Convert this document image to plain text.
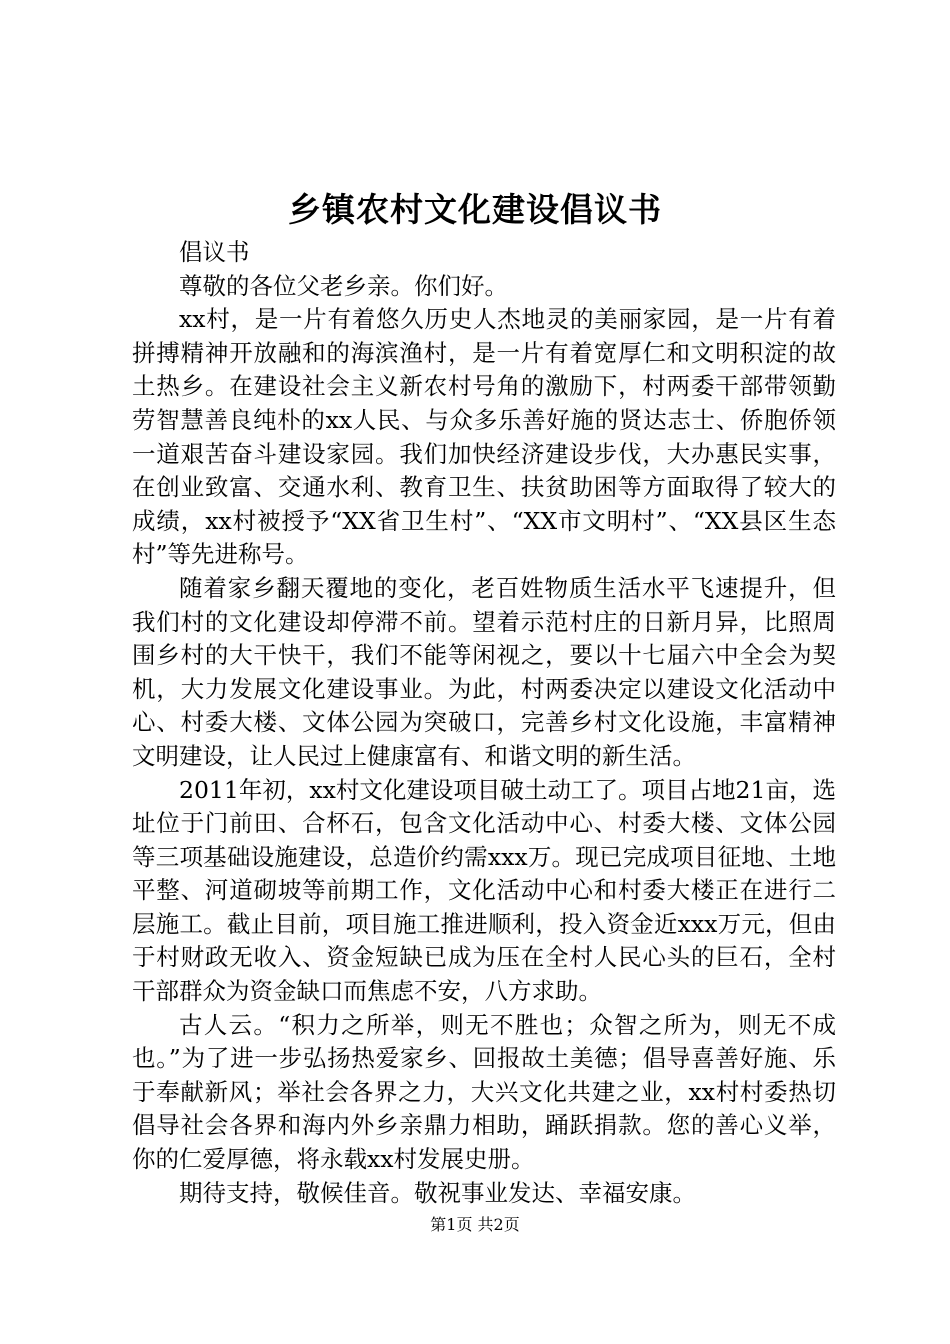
乡镇农村文化建设倡议书

倡议书

尊敬的各位父老乡亲。你们好。

xx村，是一片有着悠久历史人杰地灵的美丽家园，是一片有着拼搏精神开放融和的海滨渔村，是一片有着宽厚仁和文明积淀的故土热乡。在建设社会主义新农村号角的激励下，村两委干部带领勤劳智慧善良纯朴的xx人民、与众多乐善好施的贤达志士、侨胞侨领一道艰苦奋斗建设家园。我们加快经济建设步伐，大办惠民实事，在创业致富、交通水利、教育卫生、扶贫助困等方面取得了较大的成绩，xx村被授予“XX省卫生村”、“XX市文明村”、“XX县区生态村”等先进称号。

随着家乡翻天覆地的变化，老百姓物质生活水平飞速提升，但我们村的文化建设却停滞不前。望着示范村庄的日新月异，比照周围乡村的大干快干，我们不能等闲视之，要以十七届六中全会为契机，大力发展文化建设事业。为此，村两委决定以建设文化活动中心、村委大楼、文体公园为突破口，完善乡村文化设施，丰富精神文明建设，让人民过上健康富有、和谐文明的新生活。

2011年初，xx村文化建设项目破土动工了。项目占地21亩，选址位于门前田、合杯石，包含文化活动中心、村委大楼、文体公园等三项基础设施建设，总造价约需xxx万。现已完成项目征地、土地平整、河道砌坡等前期工作，文化活动中心和村委大楼正在进行二层施工。截止目前，项目施工推进顺利，投入资金近xxx万元，但由于村财政无收入、资金短缺已成为压在全村人民心头的巨石，全村干部群众为资金缺口而焦虑不安，八方求助。

古人云。“积力之所举，则无不胜也；众智之所为，则无不成也。”为了进一步弘扬热爱家乡、回报故土美德；倡导喜善好施、乐于奉献新风；举社会各界之力，大兴文化共建之业，xx村村委热切倡导社会各界和海内外乡亲鼎力相助，踊跃捐款。您的善心义举，你的仁爱厚德，将永载xx村发展史册。

期待支持，敬候佳音。敬祝事业发达、幸福安康。

第1页 共2页
